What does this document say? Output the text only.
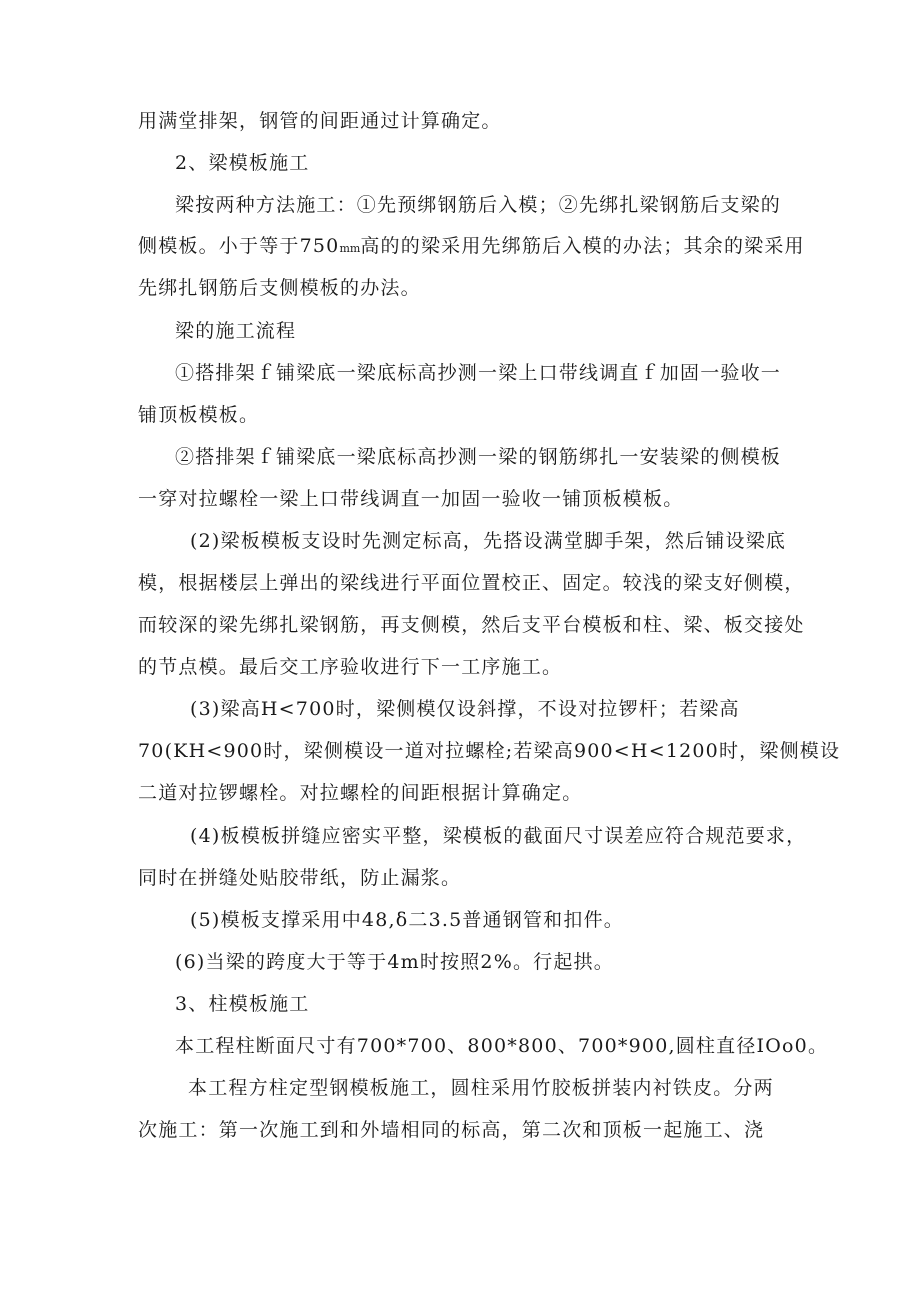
用满堂排架，钢管的间距通过计算确定。
2、梁模板施工
梁按两种方法施工：①先预绑钢筋后入模；②先绑扎梁钢筋后支梁的
侧模板。小于等于750mm高的的梁采用先绑筋后入模的办法；其余的梁采用
先绑扎钢筋后支侧模板的办法。
梁的施工流程
①搭排架ｆ铺梁底一梁底标高抄测一梁上口带线调直ｆ加固一验收一
铺顶板模板。
②搭排架ｆ铺梁底一梁底标高抄测一梁的钢筋绑扎一安装梁的侧模板
一穿对拉螺栓一梁上口带线调直一加固一验收一铺顶板模板。
(2)梁板模板支设时先测定标高，先搭设满堂脚手架，然后铺设梁底
模，根据楼层上弹出的梁线进行平面位置校正、固定。较浅的梁支好侧模，
而较深的梁先绑扎梁钢筋，再支侧模，然后支平台模板和柱、梁、板交接处
的节点模。最后交工序验收进行下一工序施工。
(3)梁高H<700时，梁侧模仅设斜撑，不设对拉锣杆；若梁高
70(KH<900时，梁侧模设一道对拉螺栓;若梁高900<H<1200时，梁侧模设
二道对拉锣螺栓。对拉螺栓的间距根据计算确定。
(4)板模板拼缝应密实平整，梁模板的截面尺寸误差应符合规范要求，
同时在拼缝处贴胶带纸，防止漏浆。
(5)模板支撑采用中48,δ二3.5普通钢管和扣件。
(6)当梁的跨度大于等于4m时按照2%。行起拱。
3、柱模板施工
本工程柱断面尺寸有700*700、800*800、700*900,圆柱直径IOo0。
本工程方柱定型钢模板施工，圆柱采用竹胶板拼装内衬铁皮。分两
次施工：第一次施工到和外墙相同的标高，第二次和顶板一起施工、浇
